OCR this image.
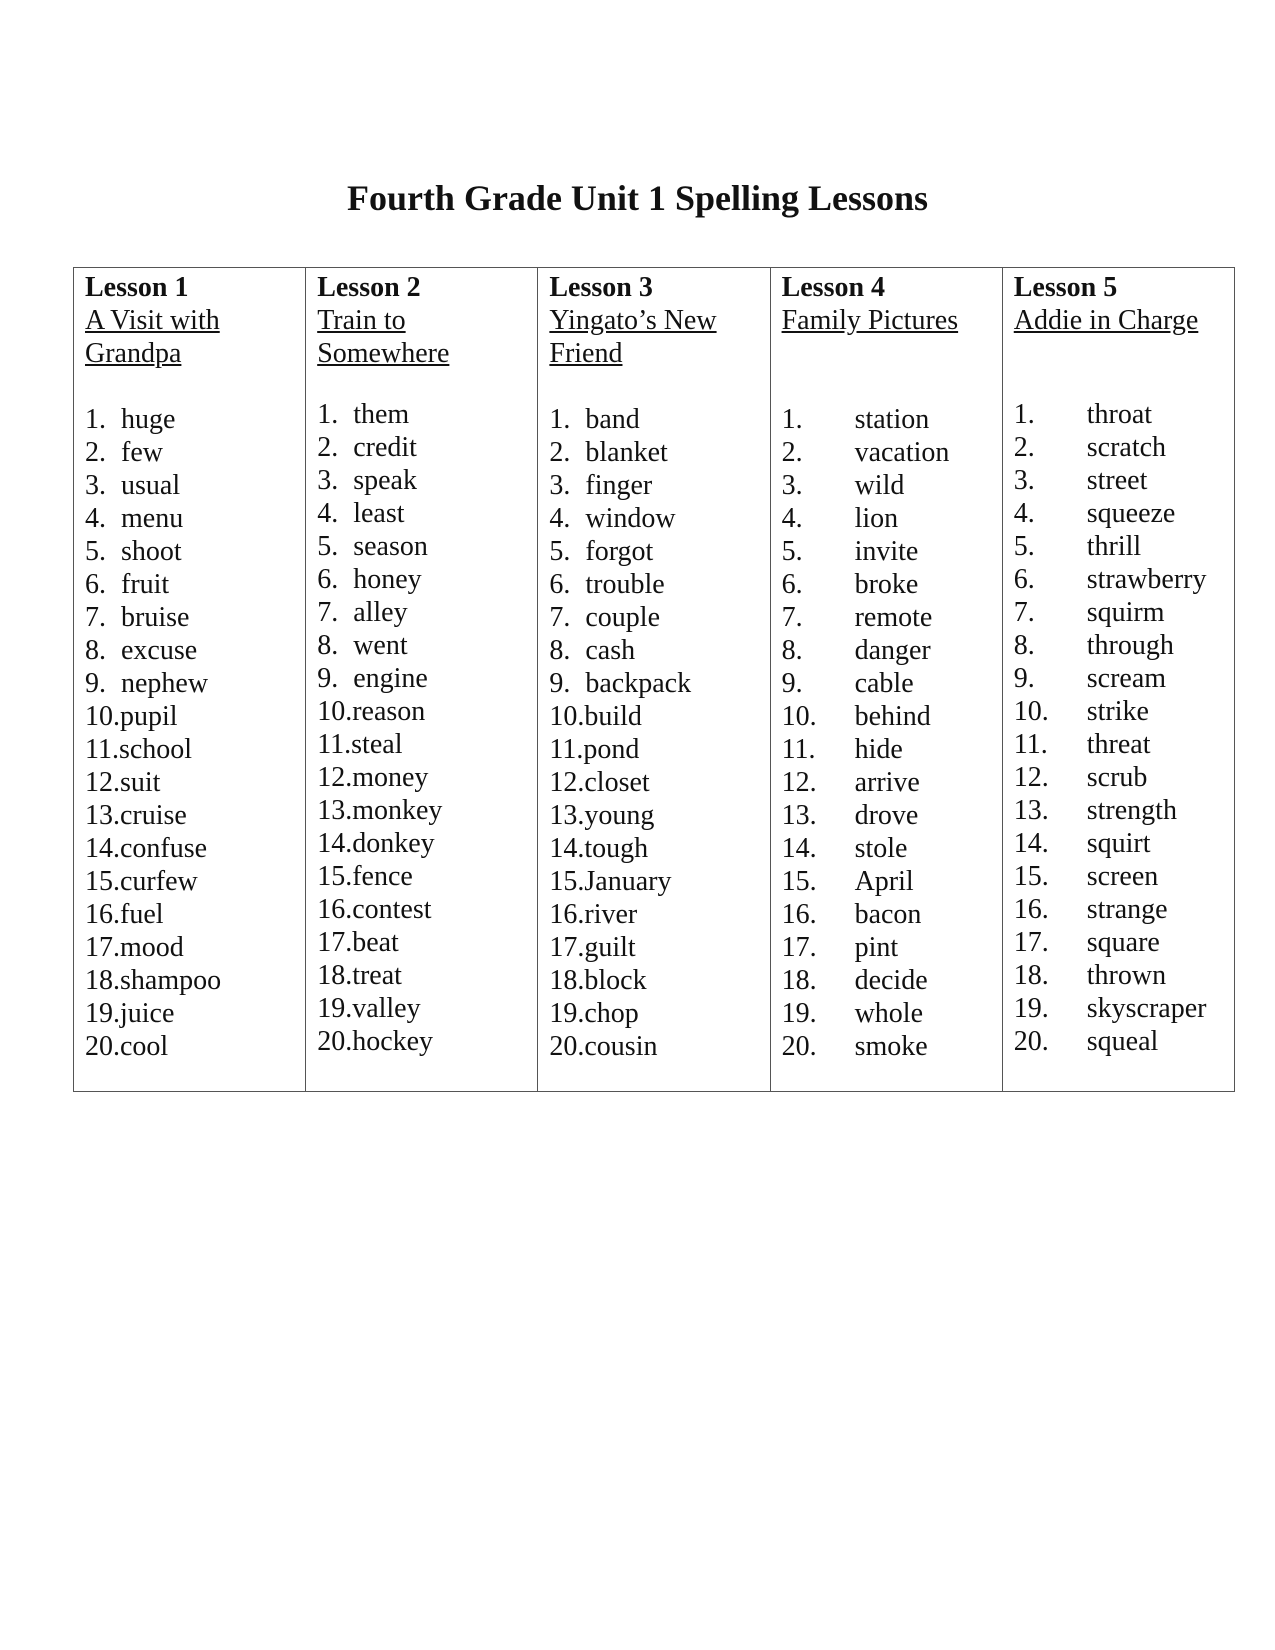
Fourth Grade Unit 1 Spelling Lessons
Lesson 1
A Visit with
Grandpa
1. huge
2. few
3. usual
4. menu
5. shoot
6. fruit
7. bruise
8. excuse
9. nephew
10. pupil
11. school
12. suit
13. cruise
14. confuse
15. curfew
16. fuel
17. mood
18. shampoo
19. juice
20. cool

Lesson 2
Train to
Somewhere
1. them
2. credit
3. speak
4. least
5. season
6. honey
7. alley
8. went
9. engine
10. reason
11. steal
12. money
13. monkey
14. donkey
15. fence
16. contest
17. beat
18. treat
19. valley
20. hockey

Lesson 3
Yingato’s New
Friend
1. band
2. blanket
3. finger
4. window
5. forgot
6. trouble
7. couple
8. cash
9. backpack
10. build
11. pond
12. closet
13. young
14. tough
15. January
16. river
17. guilt
18. block
19. chop
20. cousin

Lesson 4
Family Pictures
1.	station
2.	vacation
3.	wild
4.	lion
5.	invite
6.	broke
7.	remote
8.	danger
9.	cable
10.	behind
11.	hide
12.	arrive
13.	drove
14.	stole
15.	April
16.	bacon
17.	pint
18.	decide
19.	whole
20.	smoke

Lesson 5
Addie in Charge
1.	throat
2.	scratch
3.	street
4.	squeeze
5.	thrill
6.	strawberry
7.	squirm
8.	through
9.	scream
10.	strike
11.	threat
12.	scrub
13.	strength
14.	squirt
15.	screen
16.	strange
17.	square
18.	thrown
19.	skyscraper
20.	squeal
